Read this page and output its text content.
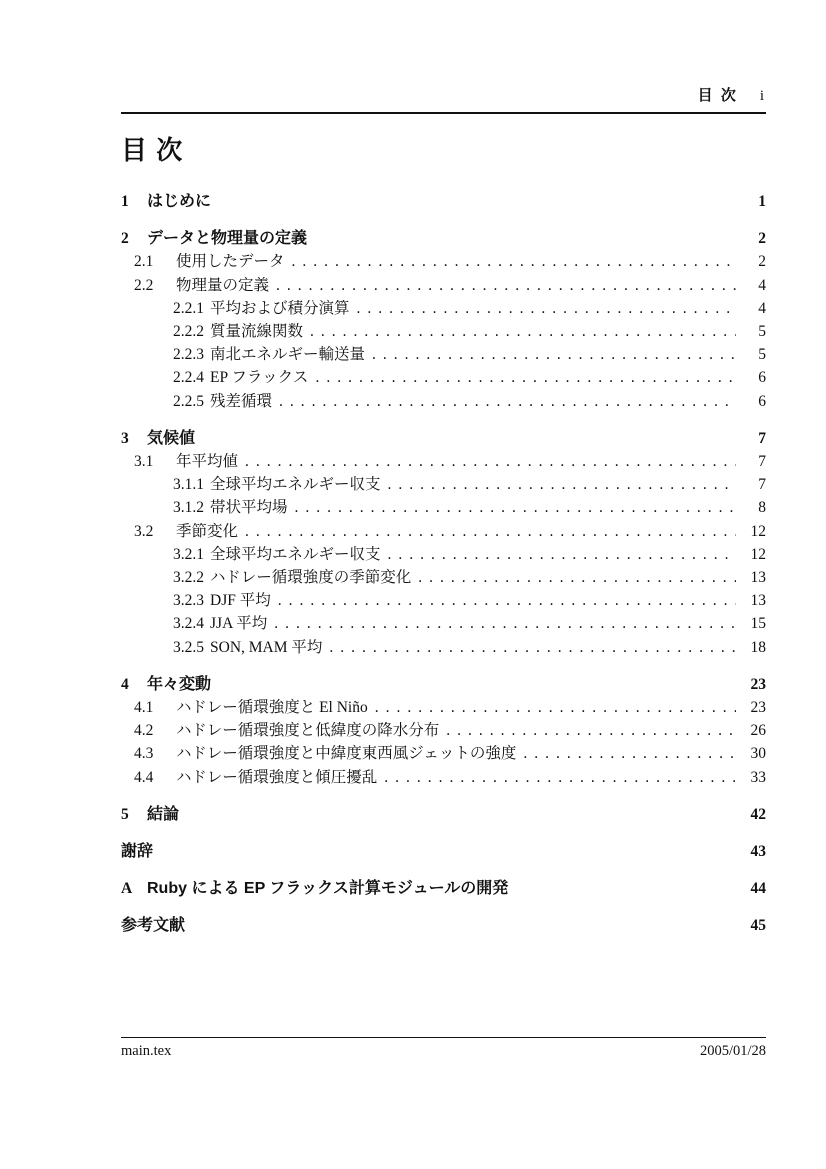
目 次 i
目 次
1	はじめに	1
2	データと物理量の定義	2
2.1	使用したデータ .....	2
2.2	物理量の定義 .....	4
2.2.1 平均および積分演算 .....	4
2.2.2 質量流線関数 .....	5
2.2.3 南北エネルギー輸送量 .....	5
2.2.4 EP フラックス .....	6
2.2.5 残差循環 .....	6
3	気候値	7
3.1	年平均値 .....	7
3.1.1 全球平均エネルギー収支 .....	7
3.1.2 帯状平均場 .....	8
3.2	季節変化 .....	12
3.2.1 全球平均エネルギー収支 .....	12
3.2.2 ハドレー循環強度の季節変化 .....	13
3.2.3 DJF 平均 .....	13
3.2.4 JJA 平均 .....	15
3.2.5 SON, MAM 平均 .....	18
4	年々変動	23
4.1	ハドレー循環強度と El Niño .....	23
4.2	ハドレー循環強度と低緯度の降水分布 .....	26
4.3	ハドレー循環強度と中緯度東西風ジェットの強度 .....	30
4.4	ハドレー循環強度と傾圧擾乱 .....	33
5	結論	42
謝辞	43
A Ruby による EP フラックス計算モジュールの開発	44
参考文献	45
main.tex	2005/01/28
